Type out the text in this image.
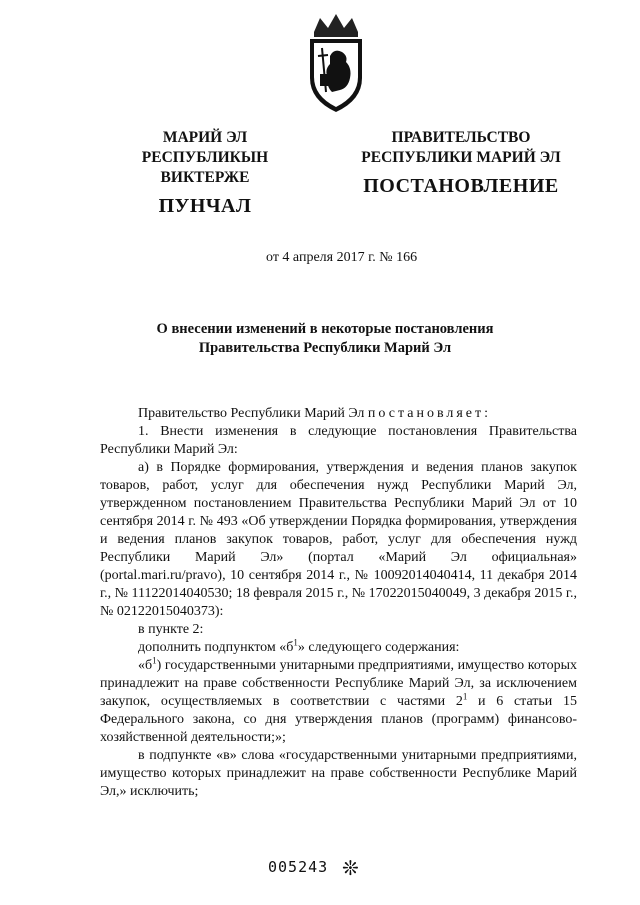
МАРИЙ ЭЛ РЕСПУБЛИКЫН
ВИКТЕРЖЕ
ПУНЧАЛ
ПРАВИТЕЛЬСТВО
РЕСПУБЛИКИ МАРИЙ ЭЛ
ПОСТАНОВЛЕНИЕ
от 4 апреля 2017 г. № 166
О внесении изменений в некоторые постановления
Правительства Республики Марий Эл

Правительство Республики Марий Эл постановляет:

1. Внести изменения в следующие постановления Правительства Республики Марий Эл:

а) в Порядке формирования, утверждения и ведения планов закупок товаров, работ, услуг для обеспечения нужд Республики Марий Эл, утвержденном постановлением Правительства Республики Марий Эл от 10 сентября 2014 г. № 493 «Об утверждении Порядка формирования, утверждения и ведения планов закупок товаров, работ, услуг для обеспечения нужд Республики Марий Эл» (портал «Марий Эл официальная» (portal.mari.ru/pravo), 10 сентября 2014 г., № 10092014040414, 11 декабря 2014 г., № 11122014040530; 18 февраля 2015 г., № 17022015040049, 3 декабря 2015 г., № 02122015040373):

в пункте 2:

дополнить подпунктом «$б^1$» следующего содержания:

«$б^1$) государственными унитарными предприятиями, имущество которых принадлежит на праве собственности Республике Марий Эл, за исключением закупок, осуществляемых в соответствии с частями $2^1$ и 6 статьи 15 Федерального закона, со дня утверждения планов (программ) финансово-хозяйственной деятельности;»;

в подпункте «в» слова «государственными унитарными предприятиями, имущество которых принадлежит на праве собственности Республике Марий Эл,» исключить;

005243 ❊
